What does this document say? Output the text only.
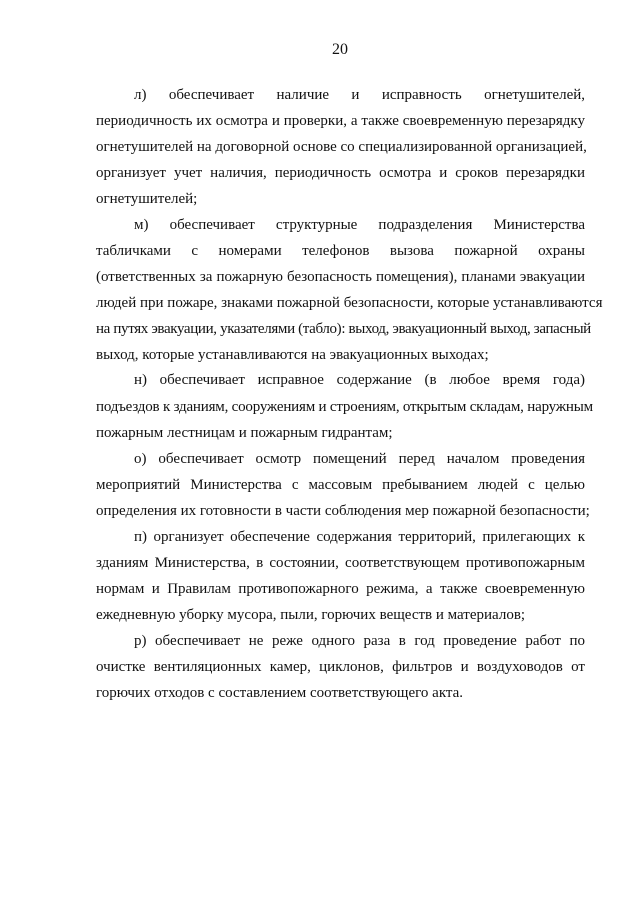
20
л) обеспечивает наличие и исправность огнетушителей,
периодичность их осмотра и проверки, а также своевременную перезарядку
огнетушителей на договорной основе со специализированной организацией,
организует учет наличия, периодичность осмотра и сроков перезарядки
огнетушителей;
м) обеспечивает структурные подразделения Министерства
табличками с номерами телефонов вызова пожарной охраны
(ответственных за пожарную безопасность помещения), планами эвакуации
людей при пожаре, знаками пожарной безопасности, которые устанавливаются
на путях эвакуации, указателями (табло): выход, эвакуационный выход, запасный
выход, которые устанавливаются на эвакуационных выходах;
н) обеспечивает исправное содержание (в любое время года)
подъездов к зданиям, сооружениям и строениям, открытым складам, наружным
пожарным лестницам и пожарным гидрантам;
о) обеспечивает осмотр помещений перед началом проведения
мероприятий Министерства с массовым пребыванием людей с целью
определения их готовности в части соблюдения мер пожарной безопасности;
п) организует обеспечение содержания территорий, прилегающих к
зданиям Министерства, в состоянии, соответствующем противопожарным
нормам и Правилам противопожарного режима, а также своевременную
ежедневную уборку мусора, пыли, горючих веществ и материалов;
р) обеспечивает не реже одного раза в год проведение работ по
очистке вентиляционных камер, циклонов, фильтров и воздуховодов от
горючих отходов с составлением соответствующего акта.
